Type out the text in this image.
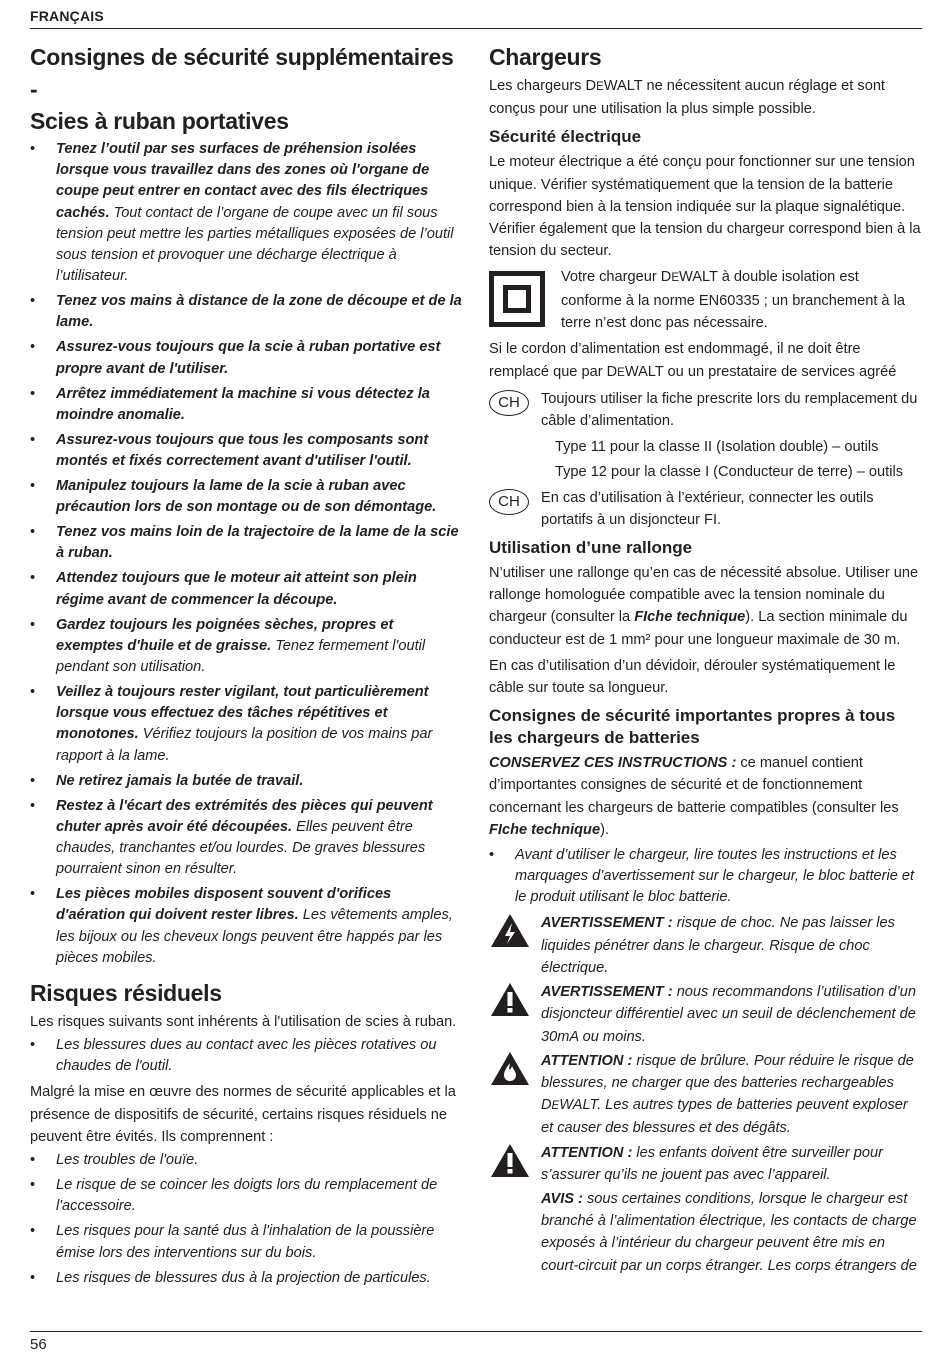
FRANÇAIS
Consignes de sécurité supplémentaires -
Scies à ruban portatives
• Tenez l’outil par ses surfaces de préhension isolées lorsque vous travaillez dans des zones où l'organe de coupe peut entrer en contact avec des fils électriques cachés. Tout contact de l’organe de coupe avec un fil sous tension peut mettre les parties métalliques exposées de l’outil sous tension et provoquer une décharge électrique à l’utilisateur.
• Tenez vos mains à distance de la zone de découpe et de la lame.
• Assurez-vous toujours que la scie à ruban portative est propre avant de l'utiliser.
• Arrêtez immédiatement la machine si vous détectez la moindre anomalie.
• Assurez-vous toujours que tous les composants sont montés et fixés correctement avant d'utiliser l'outil.
• Manipulez toujours la lame de la scie à ruban avec précaution lors de son montage ou de son démontage.
• Tenez vos mains loin de la trajectoire de la lame de la scie à ruban.
• Attendez toujours que le moteur ait atteint son plein régime avant de commencer la découpe.
• Gardez toujours les poignées sèches, propres et exemptes d'huile et de graisse. Tenez fermement l'outil pendant son utilisation.
• Veillez à toujours rester vigilant, tout particulièrement lorsque vous effectuez des tâches répétitives et monotones. Vérifiez toujours la position de vos mains par rapport à la lame.
• Ne retirez jamais la butée de travail.
• Restez à l'écart des extrémités des pièces qui peuvent chuter après avoir été découpées. Elles peuvent être chaudes, tranchantes et/ou lourdes. De graves blessures pourraient sinon en résulter.
• Les pièces mobiles disposent souvent d'orifices d'aération qui doivent rester libres. Les vêtements amples, les bijoux ou les cheveux longs peuvent être happés par les pièces mobiles.
Risques résiduels

Les risques suivants sont inhérents à l'utilisation de scies à ruban.

• Les blessures dues au contact avec les pièces rotatives ou chaudes de l'outil.

Malgré la mise en œuvre des normes de sécurité applicables et la présence de dispositifs de sécurité, certains risques résiduels ne peuvent être évités. Ils comprennent :

• Les troubles de l'ouïe.
• Le risque de se coincer les doigts lors du remplacement de l'accessoire.
• Les risques pour la santé dus à l'inhalation de la poussière émise lors des interventions sur du bois.
• Les risques de blessures dus à la projection de particules.
Chargeurs

Les chargeurs DEWALT ne nécessitent aucun réglage et sont conçus pour une utilisation la plus simple possible.

Sécurité électrique

Le moteur électrique a été conçu pour fonctionner sur une tension unique. Vérifier systématiquement que la tension de la batterie correspond bien à la tension indiquée sur la plaque signalétique. Vérifier également que la tension du chargeur correspond bien à la tension du secteur.

Votre chargeur DEWALT à double isolation est conforme à la norme EN60335 ; un branchement à la terre n’est donc pas nécessaire.

Si le cordon d’alimentation est endommagé, il ne doit être remplacé que par DEWALT ou un prestataire de services agréé

CH	Toujours utiliser la fiche prescrite lors du remplacement du câble d’alimentation.

Type 11 pour la classe II (Isolation double) – outils

Type 12 pour la classe I (Conducteur de terre) – outils

CH	En cas d’utilisation à l’extérieur, connecter les outils portatifs à un disjoncteur FI.

Utilisation d’une rallonge

N’utiliser une rallonge qu’en cas de nécessité absolue. Utiliser une rallonge homologuée compatible avec la tension nominale du chargeur (consulter la FIche technique). La section minimale du conducteur est de 1 mm² pour une longueur maximale de 30 m.

En cas d’utilisation d’un dévidoir, dérouler systématiquement le câble sur toute sa longueur.

Consignes de sécurité importantes propres à tous les chargeurs de batteries

CONSERVEZ CES INSTRUCTIONS : ce manuel contient d’importantes consignes de sécurité et de fonctionnement concernant les chargeurs de batterie compatibles (consulter les FIche technique).

• Avant d’utiliser le chargeur, lire toutes les instructions et les marquages d’avertissement sur le chargeur, le bloc batterie et le produit utilisant le bloc batterie.

AVERTISSEMENT : risque de choc. Ne pas laisser les liquides pénétrer dans le chargeur. Risque de choc électrique.

AVERTISSEMENT : nous recommandons l’utilisation d’un disjoncteur différentiel avec un seuil de déclenchement de 30mA ou moins.

ATTENTION : risque de brûlure. Pour réduire le risque de blessures, ne charger que des batteries rechargeables DEWALT. Les autres types de batteries peuvent exploser et causer des blessures et des dégâts.

ATTENTION : les enfants doivent être surveiller pour s’assurer qu’ils ne jouent pas avec l’appareil.

AVIS : sous certaines conditions, lorsque le chargeur est branché à l’alimentation électrique, les contacts de charge exposés à l’intérieur du chargeur peuvent être mis en court-circuit par un corps étranger. Les corps étrangers de

56
